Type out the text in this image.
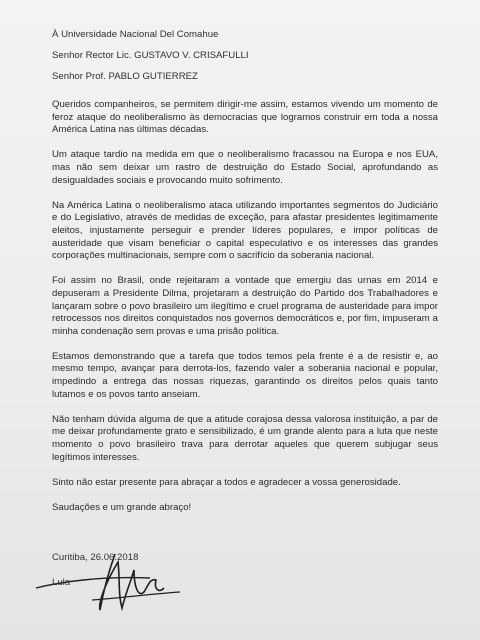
À Universidade Nacional Del Comahue
Senhor Rector Lic. GUSTAVO V. CRISAFULLI
Senhor Prof. PABLO GUTIERREZ

Queridos companheiros, se permitem dirigir-me assim, estamos vivendo um momento de feroz ataque do neoliberalismo às democracias que logramos construir em toda a nossa América Latina nas últimas décadas.

Um ataque tardio na medida em que o neoliberalismo fracassou na Europa e nos EUA, mas não sem deixar um rastro de destruição do Estado Social, aprofundando as desigualdades sociais e provocando muito sofrimento.

Na América Latina o neoliberalismo ataca utilizando importantes segmentos do Judiciário e do Legislativo, através de medidas de exceção, para afastar presidentes legitimamente eleitos, injustamente perseguir e prender líderes populares, e impor políticas de austeridade que visam beneficiar o capital especulativo e os interesses das grandes corporações multinacionais, sempre com o sacrifício da soberania nacional.

Foi assim no Brasil, onde rejeitaram a vontade que emergiu das urnas em 2014 e depuseram a Presidente Dilma, projetaram a destruição do Partido dos Trabalhadores e lançaram sobre o povo brasileiro um ilegítimo e cruel programa de austeridade para impor retrocessos nos direitos conquistados nos governos democráticos e, por fim, impuseram a minha condenação sem provas e uma prisão política.

Estamos demonstrando que a tarefa que todos temos pela frente é a de resistir e, ao mesmo tempo, avançar para derrota-los, fazendo valer a soberania nacional e popular, impedindo a entrega das nossas riquezas, garantindo os direitos pelos quais tanto lutamos e os povos tanto anseiam.

Não tenham dúvida alguma de que a atitude corajosa dessa valorosa instituição, a par de me deixar profundamente grato e sensibilizado, é um grande alento para a luta que neste momento o povo brasileiro trava para derrotar aqueles que querem subjugar seus legítimos interesses.

Sinto não estar presente para abraçar a todos e agradecer a vossa generosidade.

Saudações e um grande abraço!

Curitiba, 26.06.2018
Lula
